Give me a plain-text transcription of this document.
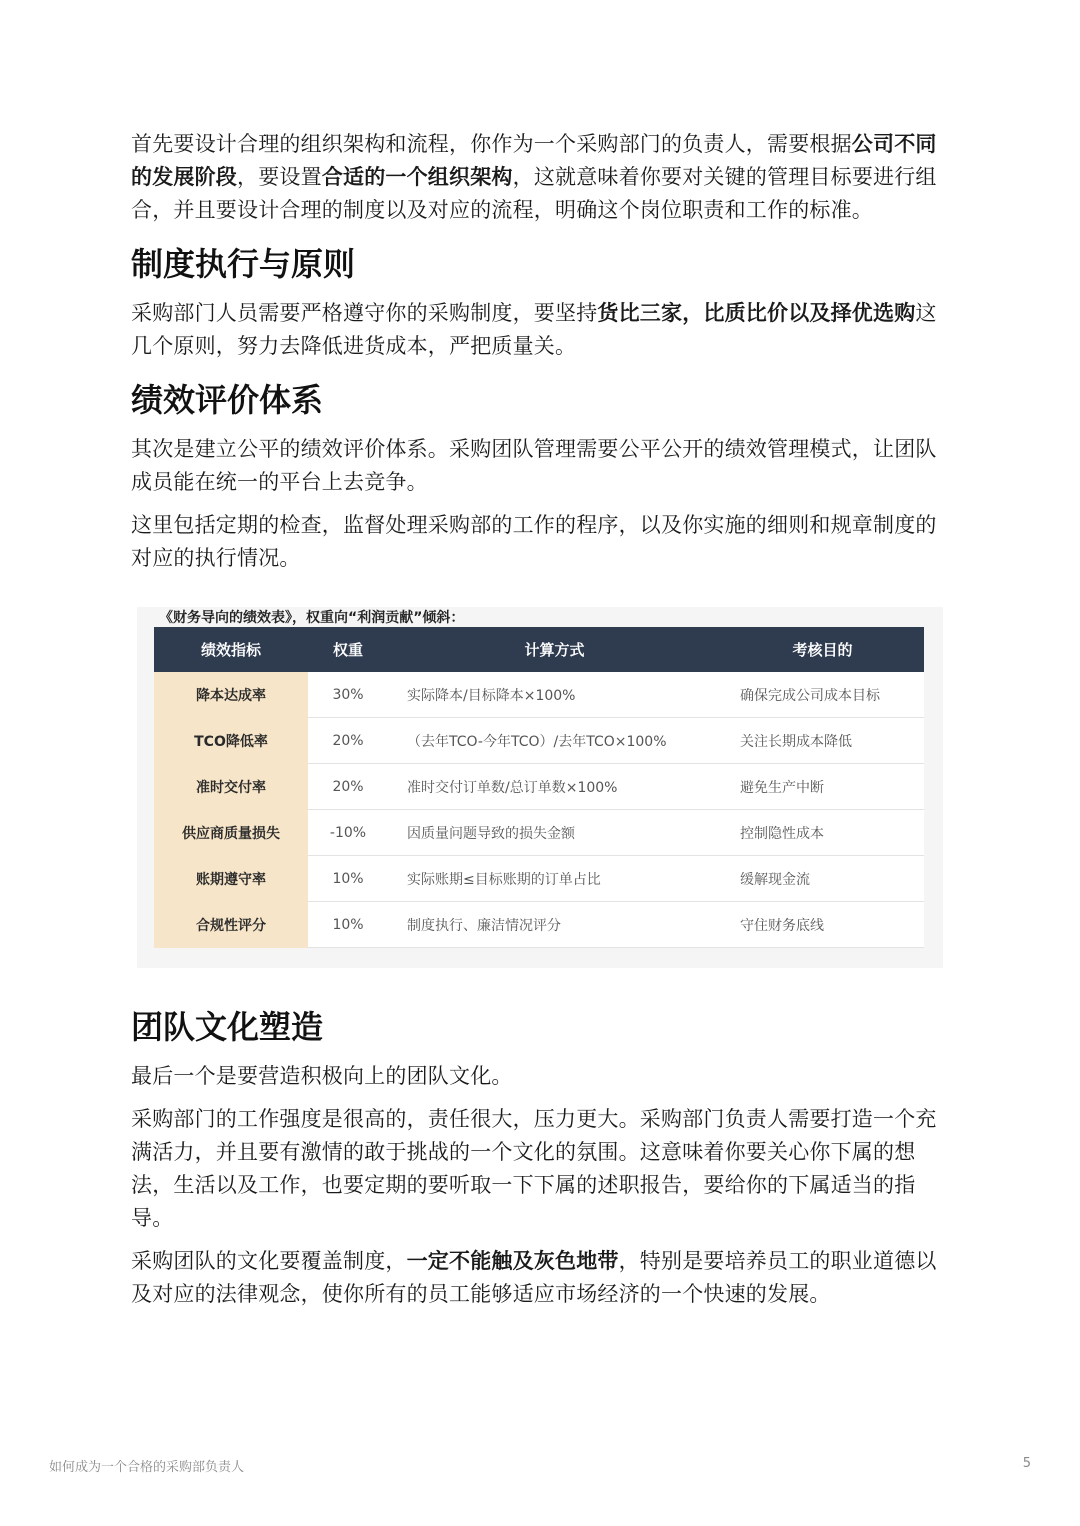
首先要设计合理的组织架构和流程，你作为一个采购部门的负责人，需要根据公司不同的发展阶段，要设置合适的一个组织架构，这就意味着你要对关键的管理目标要进行组合，并且要设计合理的制度以及对应的流程，明确这个岗位职责和工作的标准。

制度执行与原则

采购部门人员需要严格遵守你的采购制度，要坚持货比三家，比质比价以及择优选购这几个原则，努力去降低进货成本，严把质量关。

绩效评价体系

其次是建立公平的绩效评价体系。采购团队管理需要公平公开的绩效管理模式，让团队成员能在统一的平台上去竞争。

这里包括定期的检查，监督处理采购部的工作的程序，以及你实施的细则和规章制度的对应的执行情况。

《财务导向的绩效表》，权重向“利润贡献”倾斜：
绩效指标	权重	计算方式	考核目的
降本达成率	30%	实际降本/目标降本×100%	确保完成公司成本目标
TCO降低率	20%	（去年TCO-今年TCO）/去年TCO×100%	关注长期成本降低
准时交付率	20%	准时交付订单数/总订单数×100%	避免生产中断
供应商质量损失	-10%	因质量问题导致的损失金额	控制隐性成本
账期遵守率	10%	实际账期≤目标账期的订单占比	缓解现金流
合规性评分	10%	制度执行、廉洁情况评分	守住财务底线
团队文化塑造

最后一个是要营造积极向上的团队文化。

采购部门的工作强度是很高的，责任很大，压力更大。采购部门负责人需要打造一个充满活力，并且要有激情的敢于挑战的一个文化的氛围。这意味着你要关心你下属的想法，生活以及工作，也要定期的要听取一下下属的述职报告，要给你的下属适当的指导。

采购团队的文化要覆盖制度，一定不能触及灰色地带，特别是要培养员工的职业道德以及对应的法律观念，使你所有的员工能够适应市场经济的一个快速的发展。

如何成为一个合格的采购部负责人	5
